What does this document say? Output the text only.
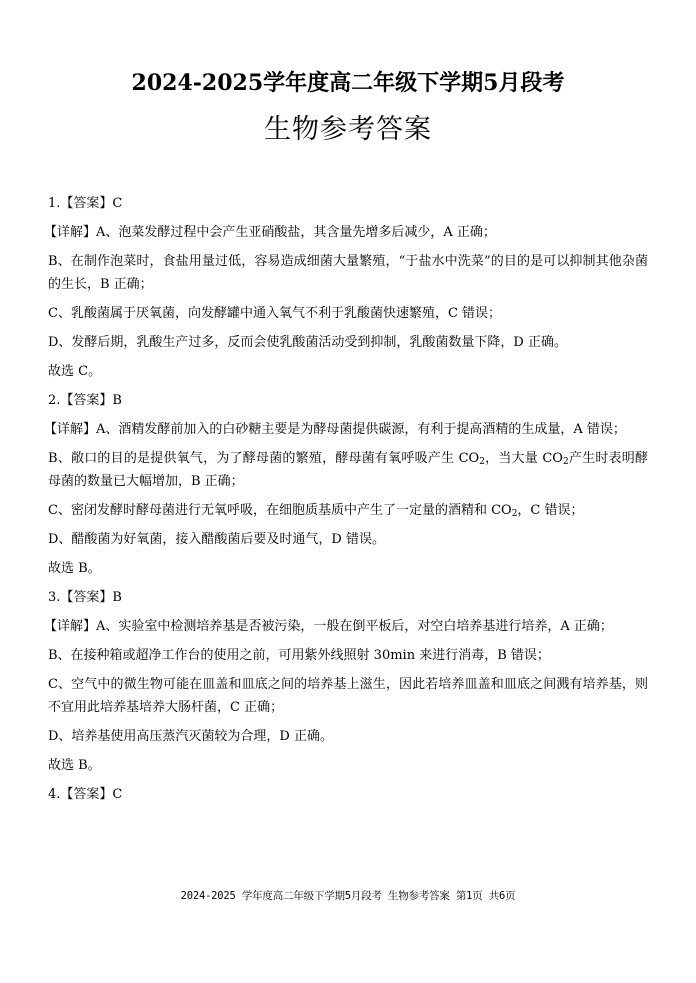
2024-2025学年度高二年级下学期5月段考
生物参考答案

1.【答案】C

【详解】A、泡菜发酵过程中会产生亚硝酸盐，其含量先增多后减少，A 正确；

B、在制作泡菜时，食盐用量过低，容易造成细菌大量繁殖，“于盐水中洗菜”的目的是可以抑制其他杂菌的生长，B 正确；

C、乳酸菌属于厌氧菌，向发酵罐中通入氧气不利于乳酸菌快速繁殖，C 错误；

D、发酵后期，乳酸生产过多，反而会使乳酸菌活动受到抑制，乳酸菌数量下降，D 正确。

故选 C。

2.【答案】B

【详解】A、酒精发酵前加入的白砂糖主要是为酵母菌提供碳源，有利于提高酒精的生成量，A 错误；

B、敞口的目的是提供氧气，为了酵母菌的繁殖，酵母菌有氧呼吸产生 $CO_2$，当大量 $CO_2$产生时表明酵母菌的数量已大幅增加，B 正确；

C、密闭发酵时酵母菌进行无氧呼吸，在细胞质基质中产生了一定量的酒精和 $CO_2$，C 错误；

D、醋酸菌为好氧菌，接入醋酸菌后要及时通气，D 错误。

故选 B。

3.【答案】B

【详解】A、实验室中检测培养基是否被污染，一般在倒平板后，对空白培养基进行培养，A 正确；

B、在接种箱或超净工作台的使用之前，可用紫外线照射 30min 来进行消毒，B 错误；

C、空气中的微生物可能在皿盖和皿底之间的培养基上滋生，因此若培养皿盖和皿底之间溅有培养基，则不宜用此培养基培养大肠杆菌，C 正确；

D、培养基使用高压蒸汽灭菌较为合理，D 正确。

故选 B。

4.【答案】C

2024-2025 学年度高二年级下学期5月段考 生物参考答案 第1页 共6页
